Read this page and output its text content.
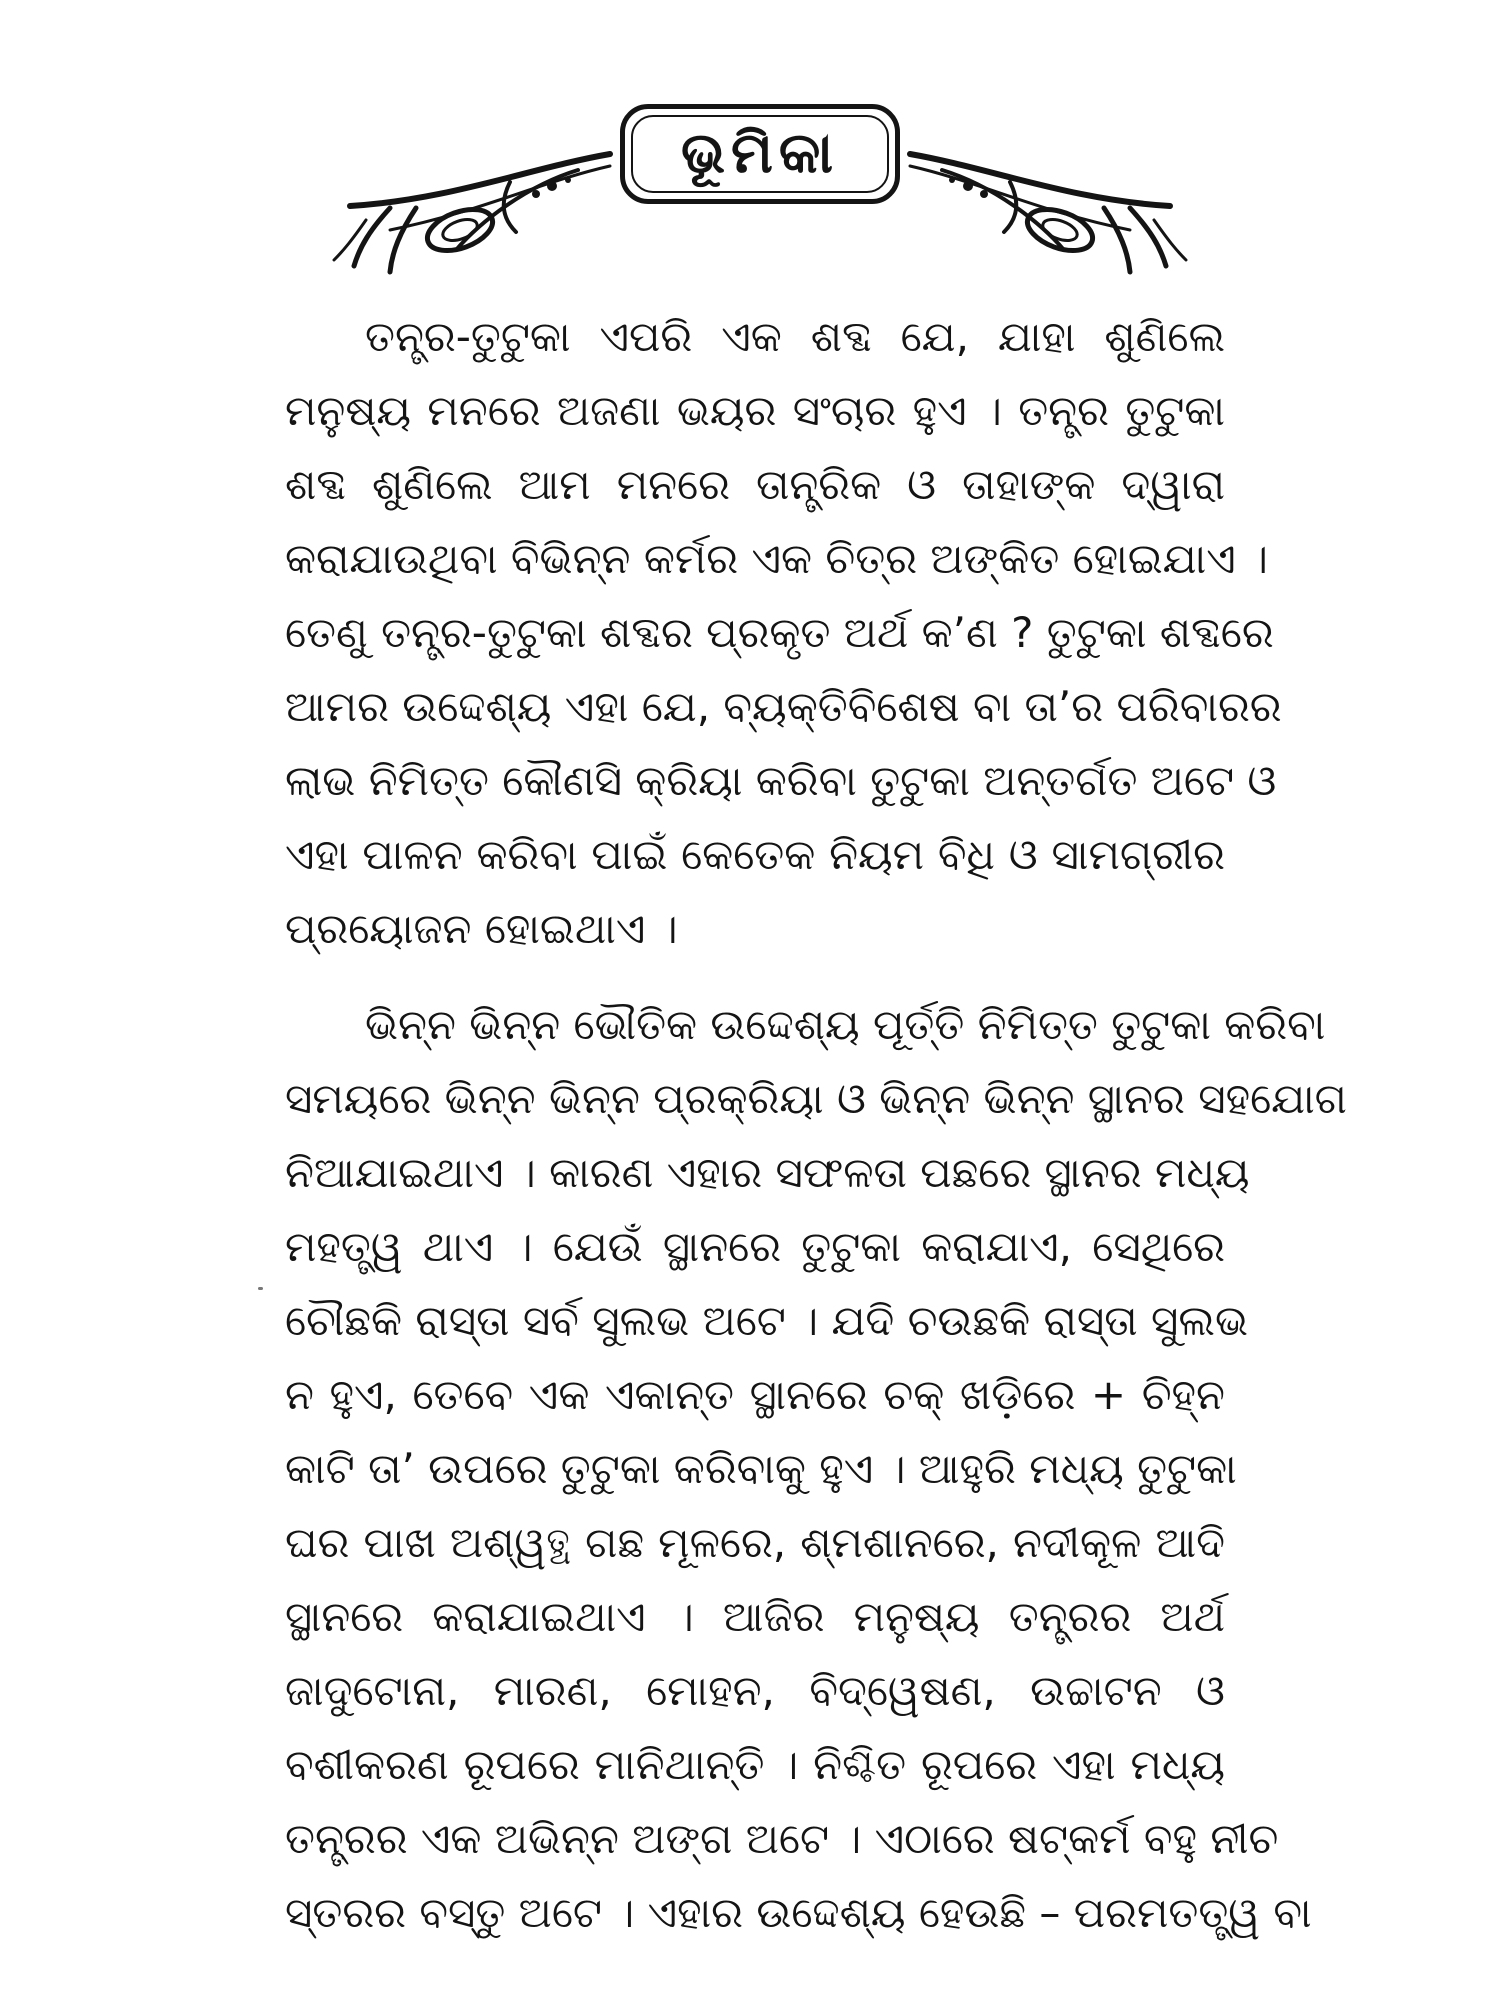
ଭୂମିକା
ତନ୍ତ୍ର-ତୁଟୁକା ଏପରି ଏକ ଶବ୍ଦ ଯେ, ଯାହା ଶୁଣିଲେ
ମନୁଷ୍ୟ ମନରେ ଅଜଣା ଭୟର ସଂଚାର ହୁଏ । ତନ୍ତ୍ର ତୁଟୁକା
ଶବ୍ଦ ଶୁଣିଲେ ଆମ ମନରେ ତାନ୍ତ୍ରିକ ଓ ତାହାଙ୍କ ଦ୍ୱାରା
କରାଯାଉଥିବା ବିଭିନ୍ନ କର୍ମର ଏକ ଚିତ୍ର ଅଙ୍କିତ ହୋଇଯାଏ ।
ତେଣୁ ତନ୍ତ୍ର-ତୁଟୁକା ଶବ୍ଦର ପ୍ରକୃତ ଅର୍ଥ କ’ଣ ? ତୁଟୁକା ଶବ୍ଦରେ
ଆମର ଉଦ୍ଦେଶ୍ୟ ଏହା ଯେ, ବ୍ୟକ୍ତିବିଶେଷ ବା ତା’ର ପରିବାରର
ଲାଭ ନିମିତ୍ତ କୌଣସି କ୍ରିୟା କରିବା ତୁଟୁକା ଅନ୍ତର୍ଗତ ଅଟେ ଓ
ଏହା ପାଳନ କରିବା ପାଇଁ କେତେକ ନିୟମ ବିଧି ଓ ସାମଗ୍ରୀର
ପ୍ରୟୋଜନ ହୋଇଥାଏ ।
ଭିନ୍ନ ଭିନ୍ନ ଭୌତିକ ଉଦ୍ଦେଶ୍ୟ ପୂର୍ତ୍ତି ନିମିତ୍ତ ତୁଟୁକା କରିବା
ସମୟରେ ଭିନ୍ନ ଭିନ୍ନ ପ୍ରକ୍ରିୟା ଓ ଭିନ୍ନ ଭିନ୍ନ ସ୍ଥାନର ସହଯୋଗ
ନିଆଯାଇଥାଏ । କାରଣ ଏହାର ସଫଳତା ପଛରେ ସ୍ଥାନର ମଧ୍ୟ
ମହତ୍ତ୍ୱ ଥାଏ । ଯେଉଁ ସ୍ଥାନରେ ତୁଟୁକା କରାଯାଏ, ସେଥିରେ
ଚୌଛକି ରାସ୍ତା ସର୍ବ ସୁଲଭ ଅଟେ । ଯଦି ଚଉଛକି ରାସ୍ତା ସୁଲଭ
ନ ହୁଏ, ତେବେ ଏକ ଏକାନ୍ତ ସ୍ଥାନରେ ଚକ୍ ଖଡ଼ିରେ + ଚିହ୍ନ
କାଟି ତା’ ଉପରେ ତୁଟୁକା କରିବାକୁ ହୁଏ । ଆହୁରି ମଧ୍ୟ ତୁଟୁକା
ଘର ପାଖ ଅଶ୍ୱତ୍ଥ ଗଛ ମୂଳରେ, ଶ୍ମଶାନରେ, ନଦୀକୂଳ ଆଦି
ସ୍ଥାନରେ କରାଯାଇଥାଏ । ଆଜିର ମନୁଷ୍ୟ ତନ୍ତ୍ରର ଅର୍ଥ
ଜାଦୁଟୋନା, ମାରଣ, ମୋହନ, ବିଦ୍ୱେଷଣ, ଉଚ୍ଚାଟନ ଓ
ବଶୀକରଣ ରୂପରେ ମାନିଥାନ୍ତି । ନିଶ୍ଚିତ ରୂପରେ ଏହା ମଧ୍ୟ
ତନ୍ତ୍ରର ଏକ ଅଭିନ୍ନ ଅଙ୍ଗ ଅଟେ । ଏଠାରେ ଷଟ୍‌କର୍ମ ବହୁ ନୀଚ
ସ୍ତରର ବସ୍ତୁ ଅଟେ । ଏହାର ଉଦ୍ଦେଶ୍ୟ ହେଉଛି – ପରମତତ୍ତ୍ୱ ବା
